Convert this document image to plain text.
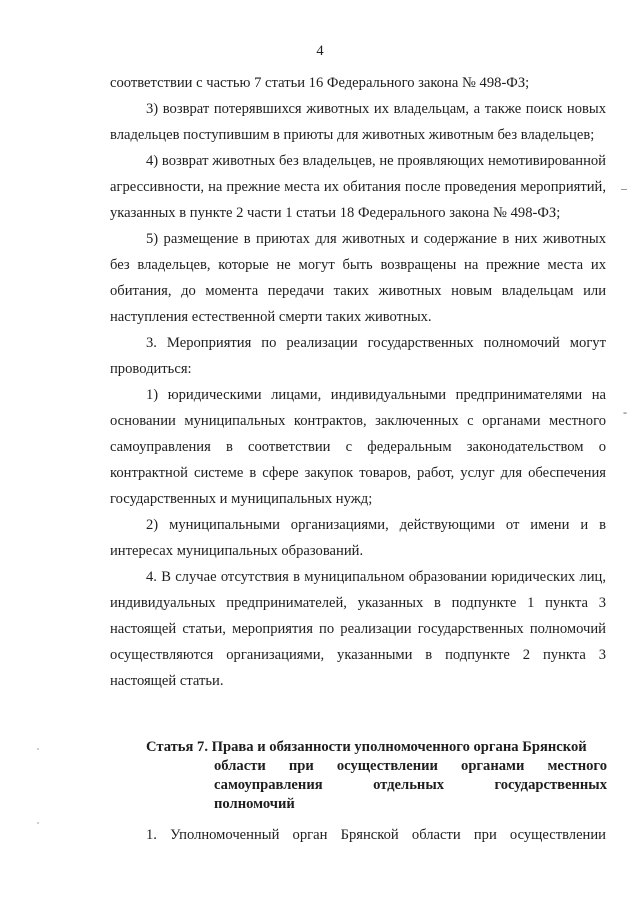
4

соответствии с частью 7 статьи 16 Федерального закона № 498-ФЗ;

3) возврат потерявшихся животных их владельцам, а также поиск новых владельцев поступившим в приюты для животных животным без владельцев;

4) возврат животных без владельцев, не проявляющих немотивированной агрессивности, на прежние места их обитания после проведения мероприятий, указанных в пункте 2 части 1 статьи 18 Федерального закона № 498-ФЗ;

5) размещение в приютах для животных и содержание в них животных без владельцев, которые не могут быть возвращены на прежние места их обитания, до момента передачи таких животных новым владельцам или наступления естественной смерти таких животных.

3. Мероприятия по реализации государственных полномочий могут проводиться:

1) юридическими лицами, индивидуальными предпринимателями на основании муниципальных контрактов, заключенных с органами местного самоуправления в соответствии с федеральным законодательством о контрактной системе в сфере закупок товаров, работ, услуг для обеспечения государственных и муниципальных нужд;

2) муниципальными организациями, действующими от имени и в интересах муниципальных образований.

4. В случае отсутствия в муниципальном образовании юридических лиц, индивидуальных предпринимателей, указанных в подпункте 1 пункта 3 настоящей статьи, мероприятия по реализации государственных полномочий осуществляются организациями, указанными в подпункте 2 пункта 3 настоящей статьи.

Статья 7. Права и обязанности уполномоченного органа Брянской
области при осуществлении органами местного
самоуправления отдельных государственных
полномочий
1. Уполномоченный орган Брянской области при осуществлении
–
-
